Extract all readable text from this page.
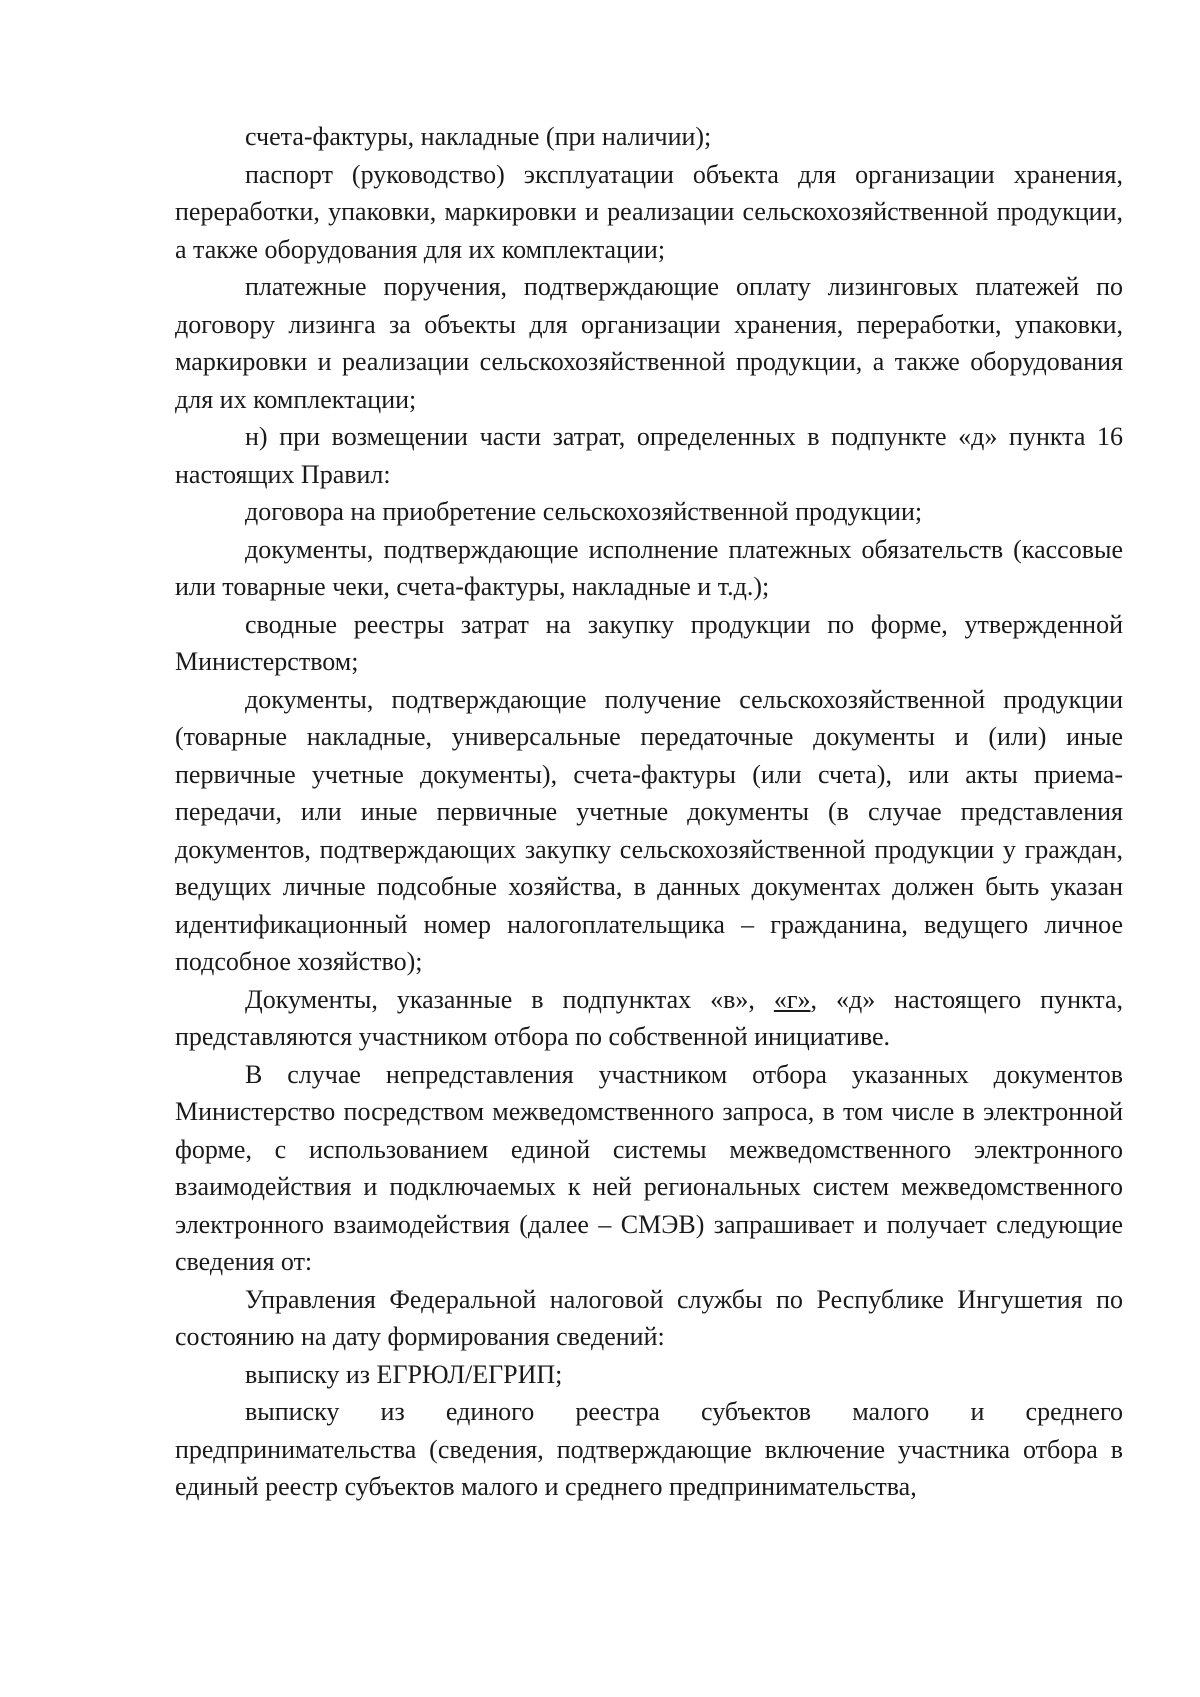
счета-фактуры, накладные (при наличии);

паспорт (руководство) эксплуатации объекта для организации хранения, переработки, упаковки, маркировки и реализации сельскохозяйственной продукции, а также оборудования для их комплектации;

платежные поручения, подтверждающие оплату лизинговых платежей по договору лизинга за объекты для организации хранения, переработки, упаковки, маркировки и реализации сельскохозяйственной продукции, а также оборудования для их комплектации;

н) при возмещении части затрат, определенных в подпункте «д» пункта 16 настоящих Правил:

договора на приобретение сельскохозяйственной продукции;

документы, подтверждающие исполнение платежных обязательств (кассовые или товарные чеки, счета-фактуры, накладные и т.д.);

сводные реестры затрат на закупку продукции по форме, утвержденной Министерством;

документы, подтверждающие получение сельскохозяйственной продукции (товарные накладные, универсальные передаточные документы и (или) иные первичные учетные документы), счета-фактуры (или счета), или акты приема-передачи, или иные первичные учетные документы (в случае представления документов, подтверждающих закупку сельскохозяйственной продукции у граждан, ведущих личные подсобные хозяйства, в данных документах должен быть указан идентификационный номер налогоплательщика – гражданина, ведущего личное подсобное хозяйство);

Документы, указанные в подпунктах «в», «г», «д» настоящего пункта, представляются участником отбора по собственной инициативе.

В случае непредставления участником отбора указанных документов Министерство посредством межведомственного запроса, в том числе в электронной форме, с использованием единой системы межведомственного электронного взаимодействия и подключаемых к ней региональных систем межведомственного электронного взаимодействия (далее – СМЭВ) запрашивает и получает следующие сведения от:

Управления Федеральной налоговой службы по Республике Ингушетия по состоянию на дату формирования сведений:

выписку из ЕГРЮЛ/ЕГРИП;

выписку из единого реестра субъектов малого и среднего предпринимательства (сведения, подтверждающие включение участника отбора в единый реестр субъектов малого и среднего предпринимательства,
